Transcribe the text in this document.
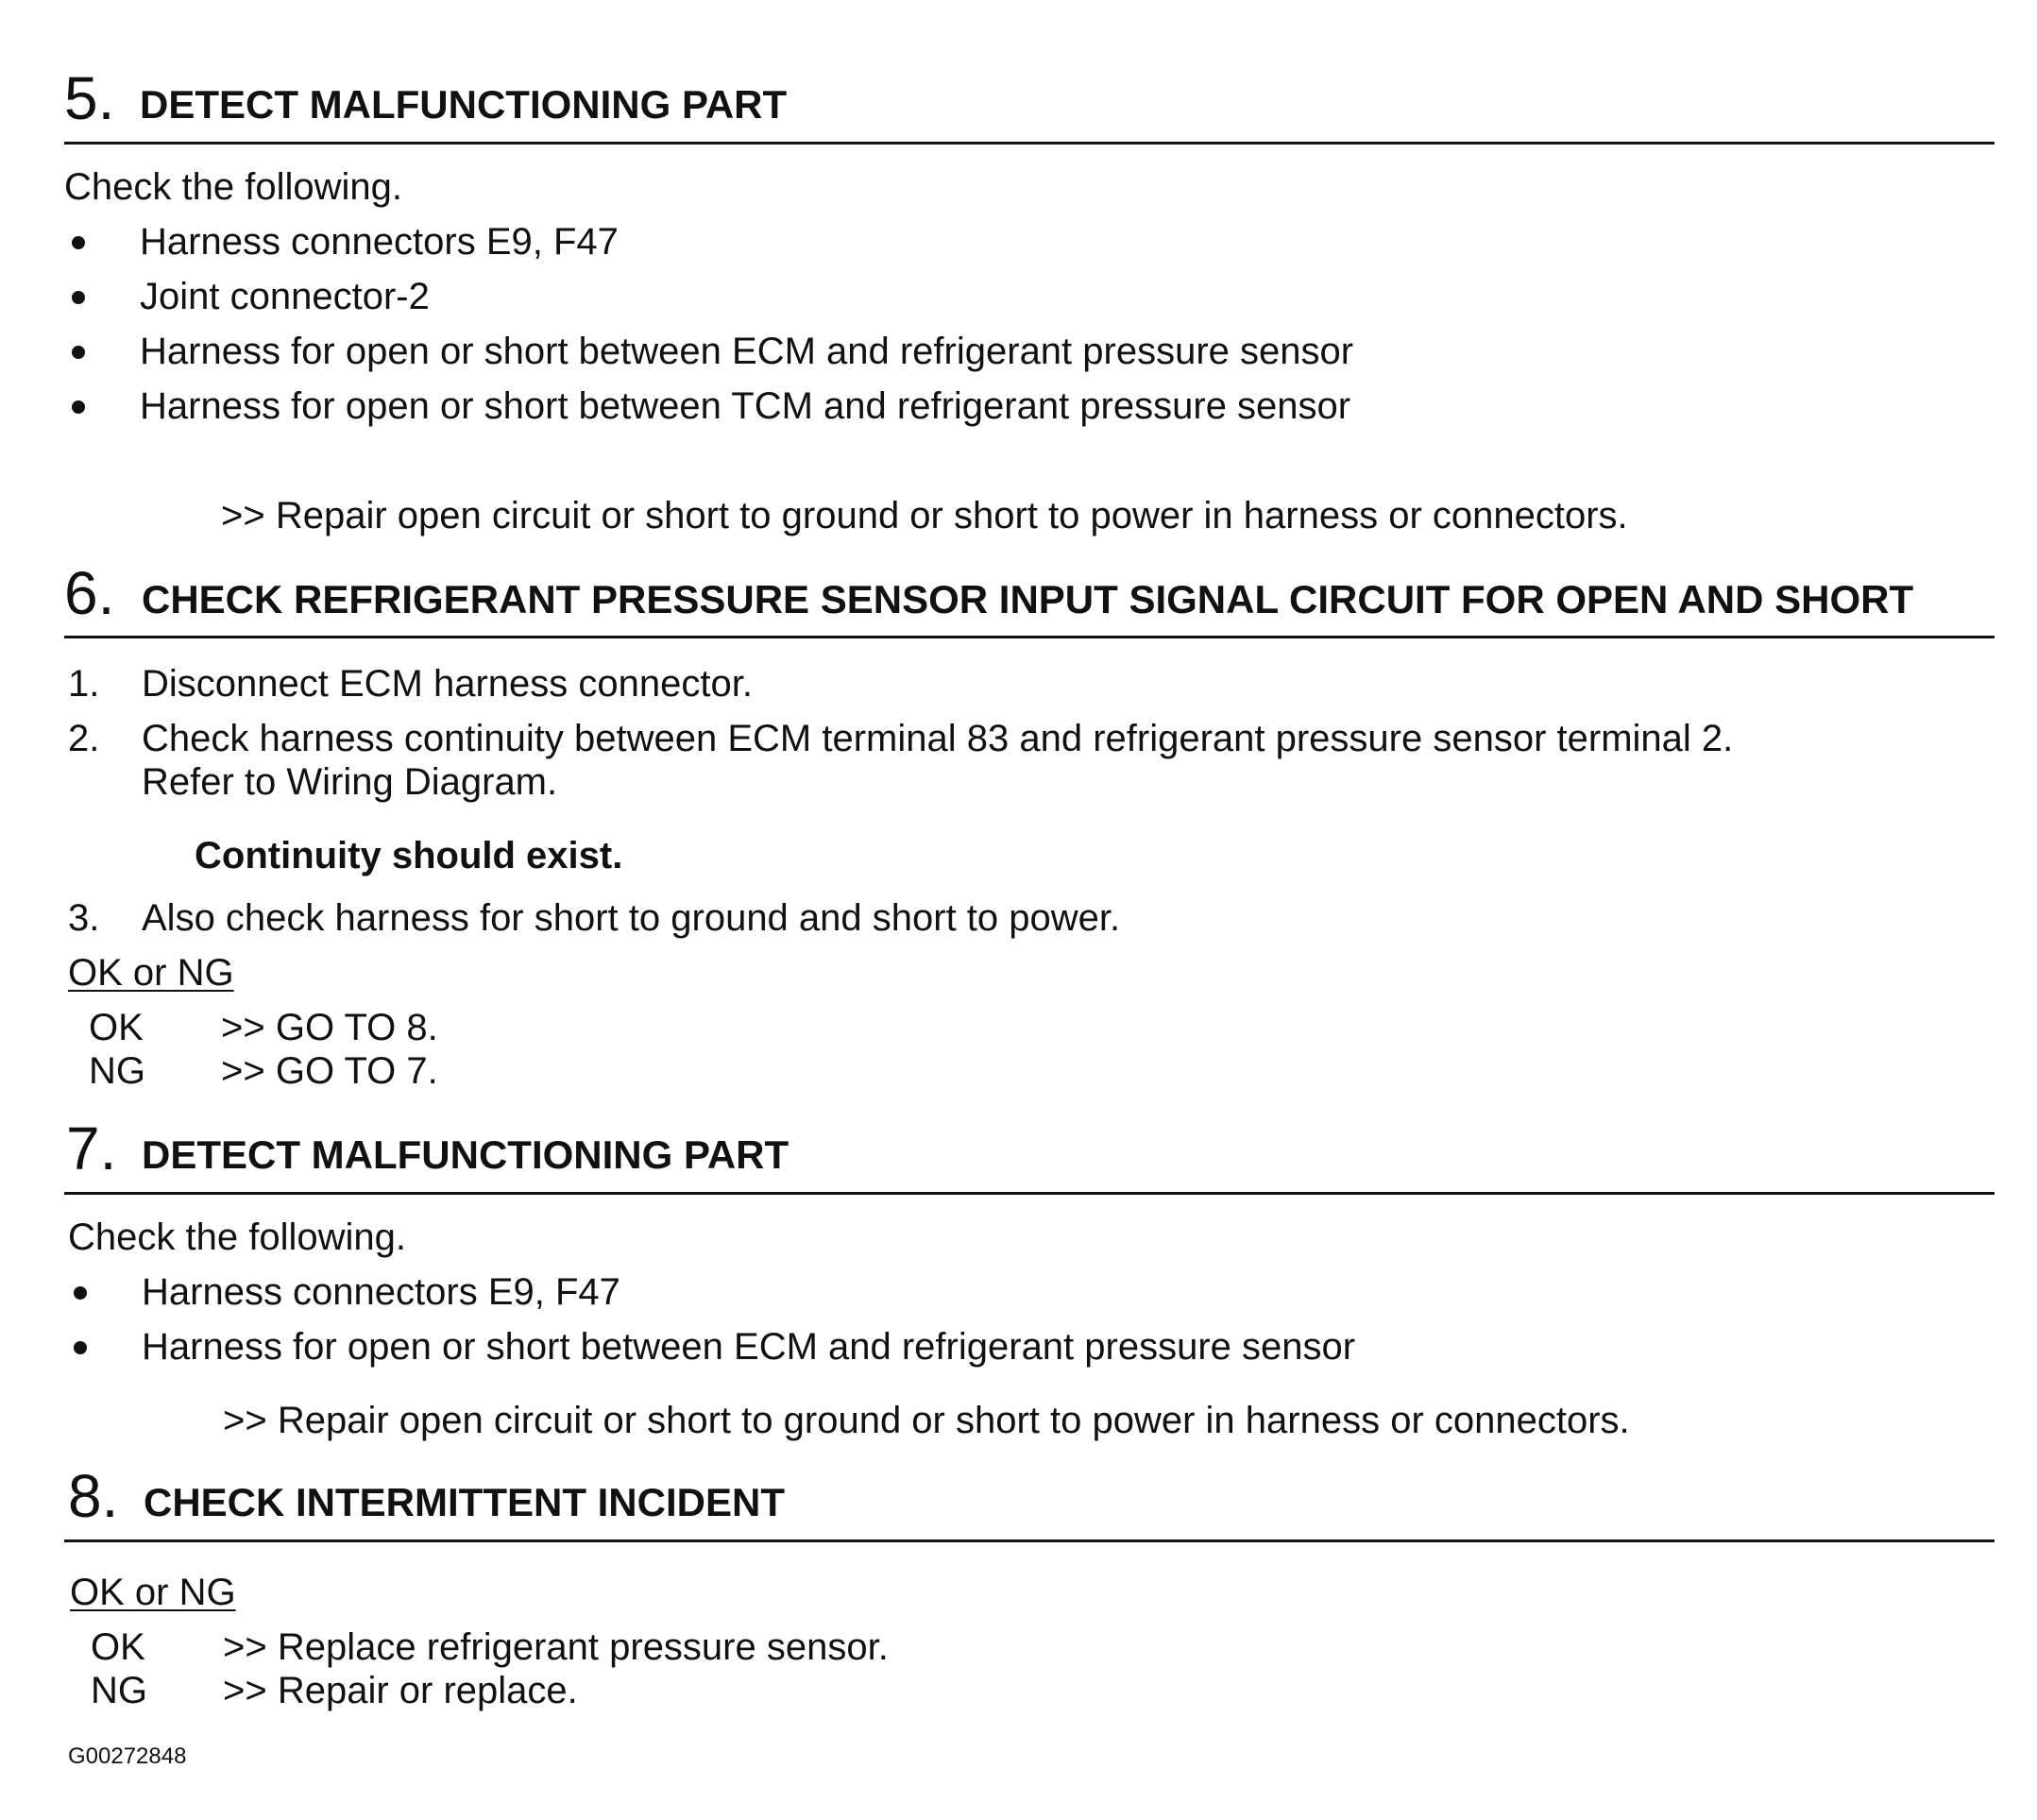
5. DETECT MALFUNCTIONING PART
Check the following.
Harness connectors E9, F47
Joint connector-2
Harness for open or short between ECM and refrigerant pressure sensor
Harness for open or short between TCM and refrigerant pressure sensor
>> Repair open circuit or short to ground or short to power in harness or connectors.
6. CHECK REFRIGERANT PRESSURE SENSOR INPUT SIGNAL CIRCUIT FOR OPEN AND SHORT
1. Disconnect ECM harness connector.
2. Check harness continuity between ECM terminal 83 and refrigerant pressure sensor terminal 2.
Refer to Wiring Diagram.
Continuity should exist.
3. Also check harness for short to ground and short to power.
OK or NG
OK >> GO TO 8.
NG >> GO TO 7.
7. DETECT MALFUNCTIONING PART
Check the following.
Harness connectors E9, F47
Harness for open or short between ECM and refrigerant pressure sensor
>> Repair open circuit or short to ground or short to power in harness or connectors.
8. CHECK INTERMITTENT INCIDENT
OK or NG
OK >> Replace refrigerant pressure sensor.
NG >> Repair or replace.
G00272848
